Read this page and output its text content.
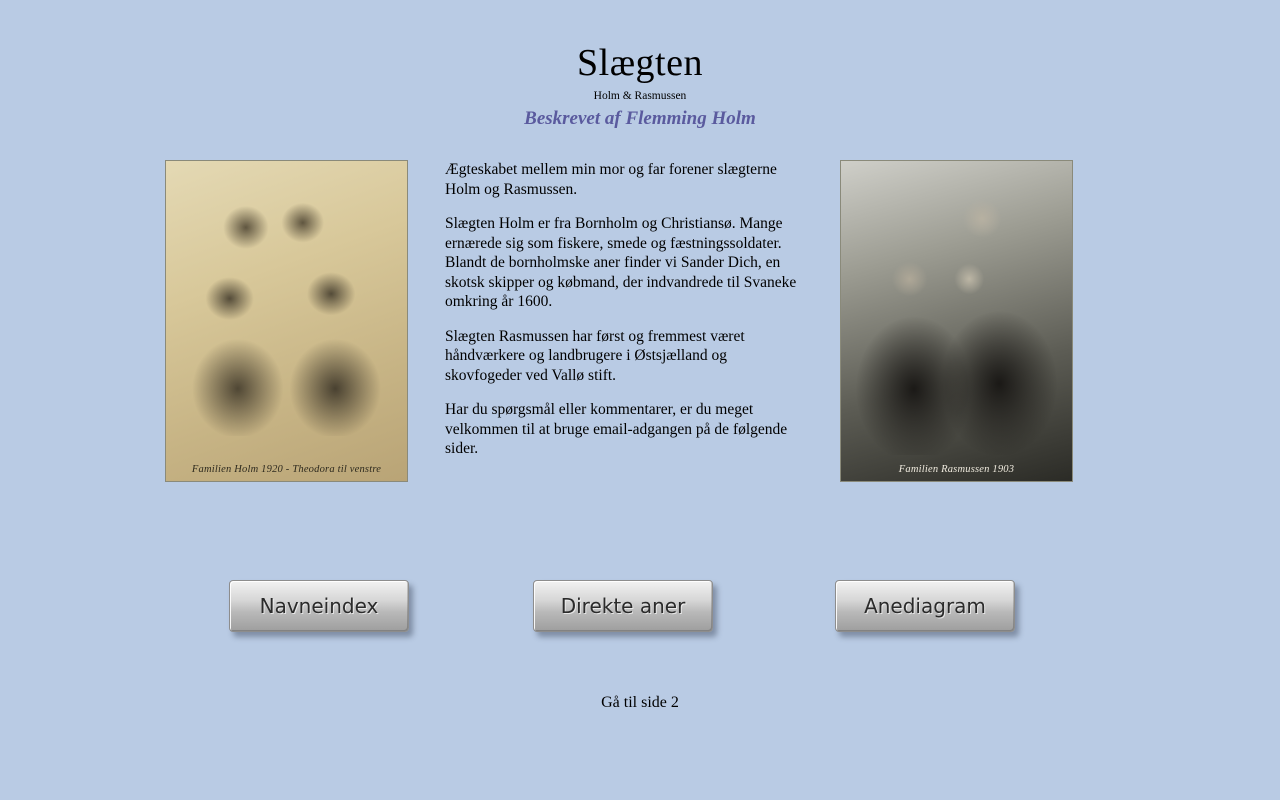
Slægten
Holm & Rasmussen
Beskrevet af Flemming Holm
Familien Holm 1920 - Theodora til venstre

Ægteskabet mellem min mor og far forener slægterne Holm og Rasmussen.

Slægten Holm er fra Bornholm og Christiansø. Mange ernærede sig som fiskere, smede og fæstningssoldater. Blandt de bornholmske aner finder vi Sander Dich, en skotsk skipper og købmand, der indvandrede til Svaneke omkring år 1600.

Slægten Rasmussen har først og fremmest været håndværkere og landbrugere i Østsjælland og skovfogeder ved Vallø stift.

Har du spørgsmål eller kommentarer, er du meget velkommen til at bruge email-adgangen på de følgende sider.

Familien Rasmussen 1903
Navneindex	Direkte aner	Anediagram
Gå til side 2
